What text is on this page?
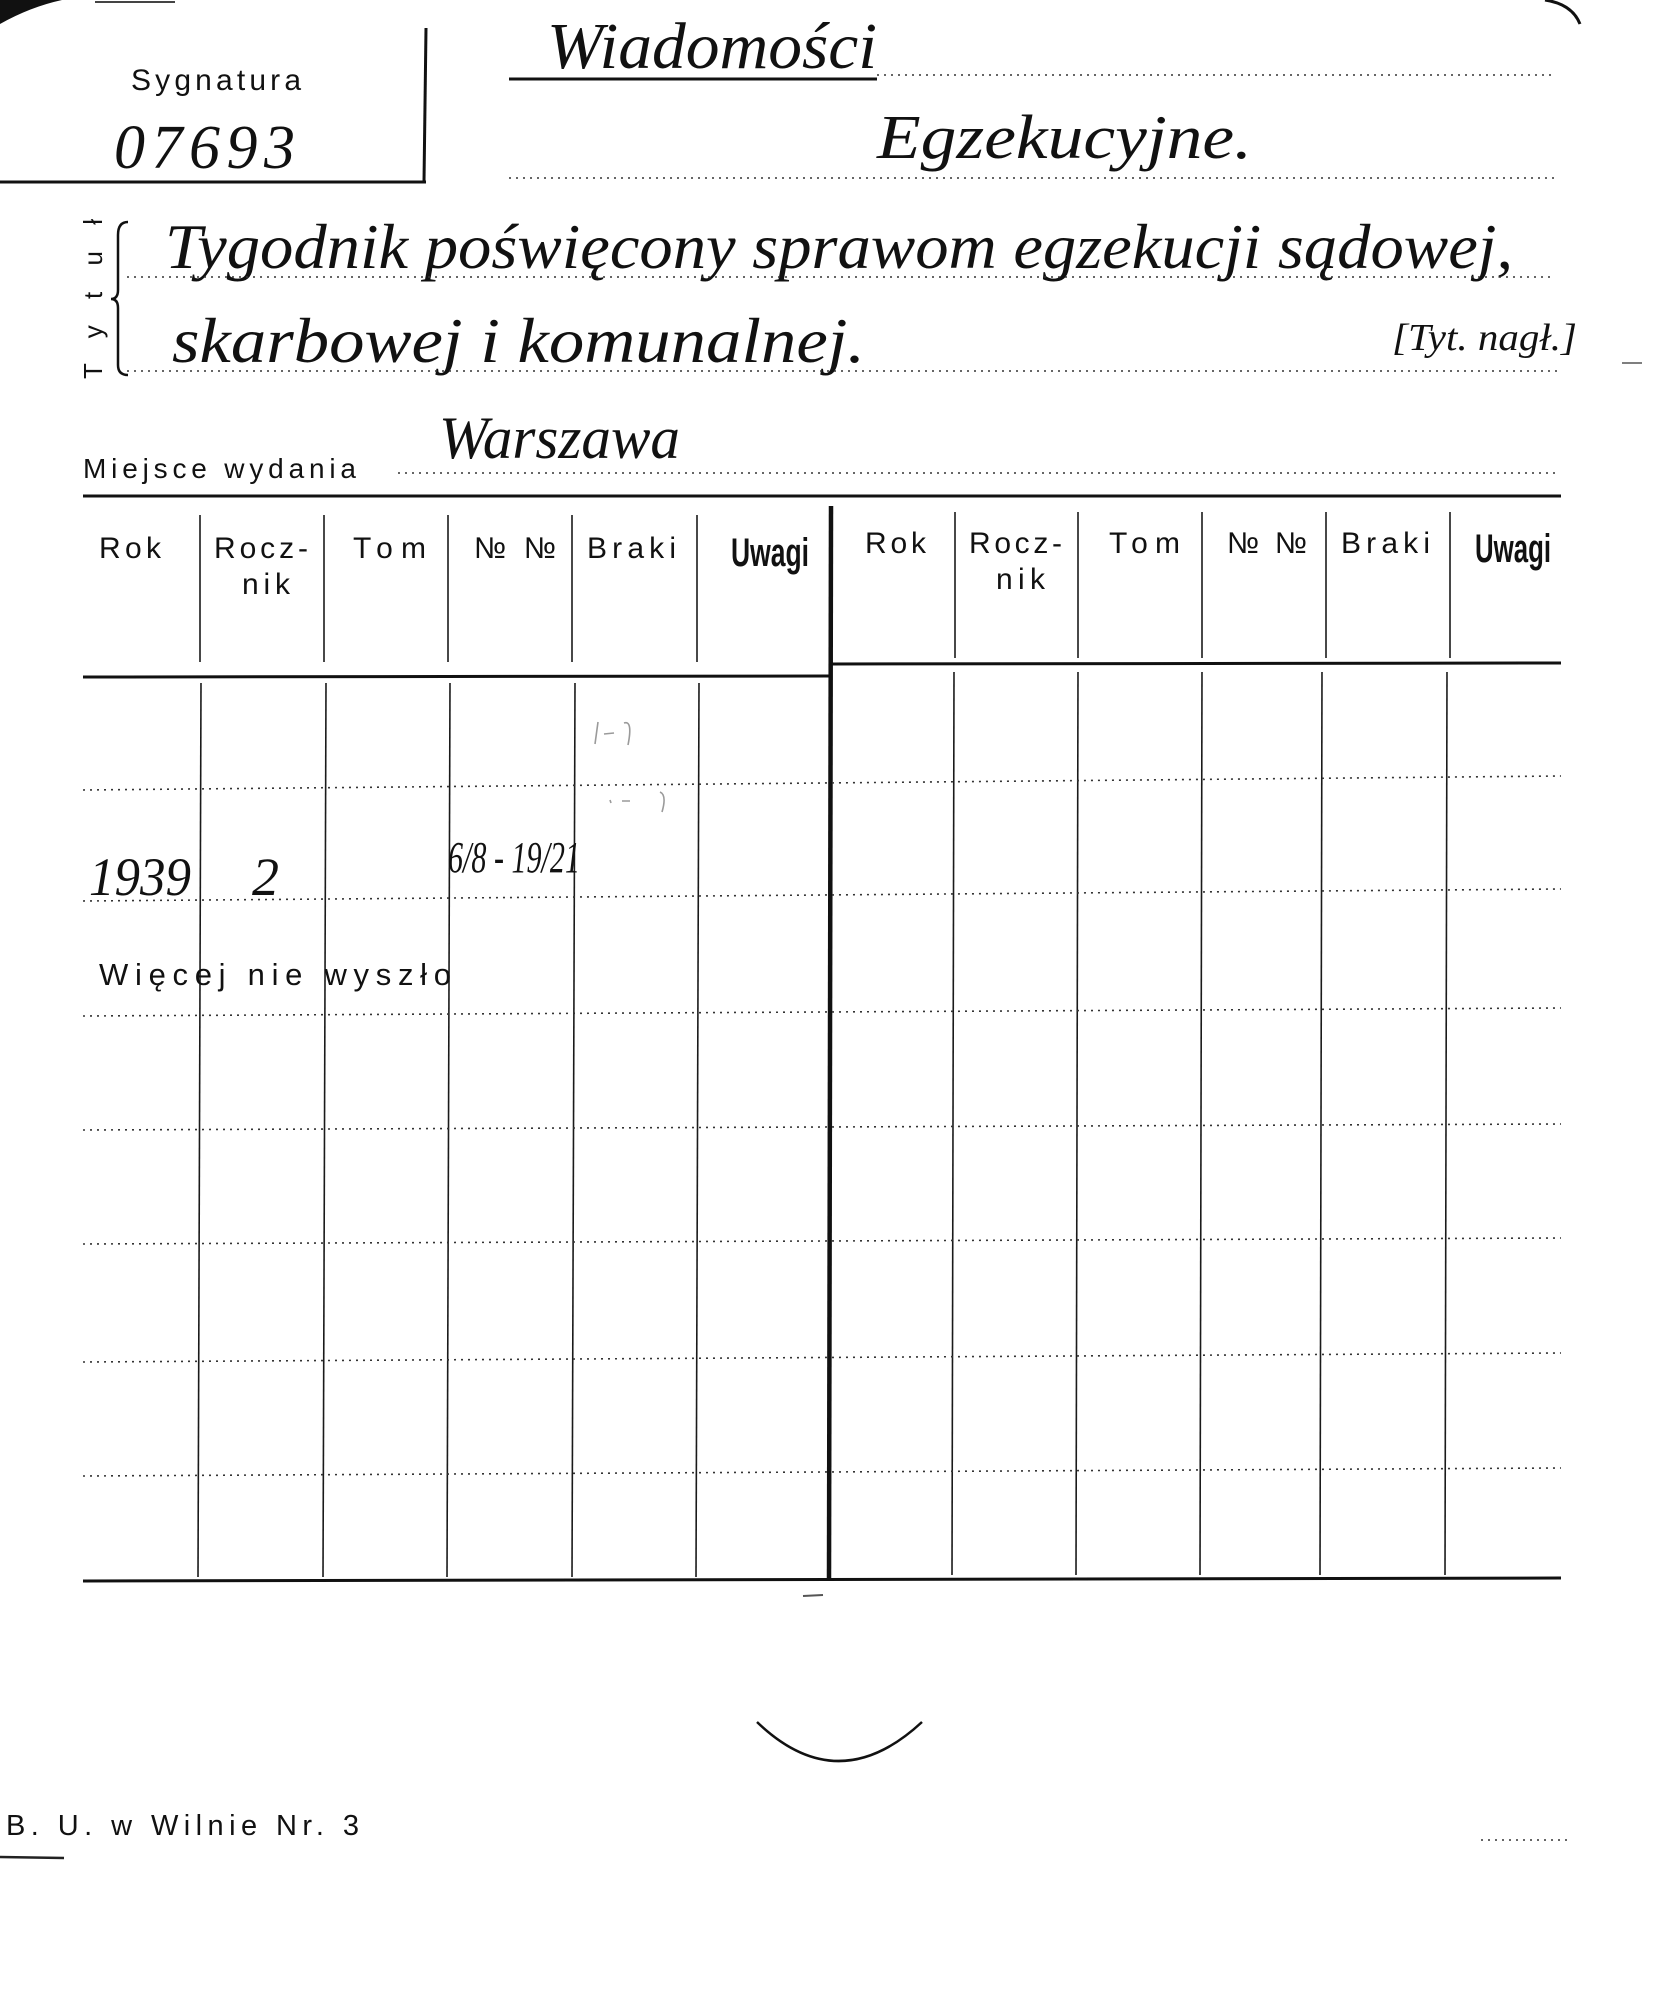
Sygnatura
07693
Wiadomości
Egzekucyjne.
Tytuł Tygodnik poświęcony sprawom egzekucji sądowej,
skarbowej i komunalnej.	[Tyt. nagł.]
Miejsce wydania Warszawa
Rok Rocz-
nik
Tom № № Braki Uwagi Rok Rocz-
nik
Tom № № Braki Uwagi
1939 2	6/8 - 19/21
Więcej nie wyszło
B. U. w Wilnie Nr. 3
